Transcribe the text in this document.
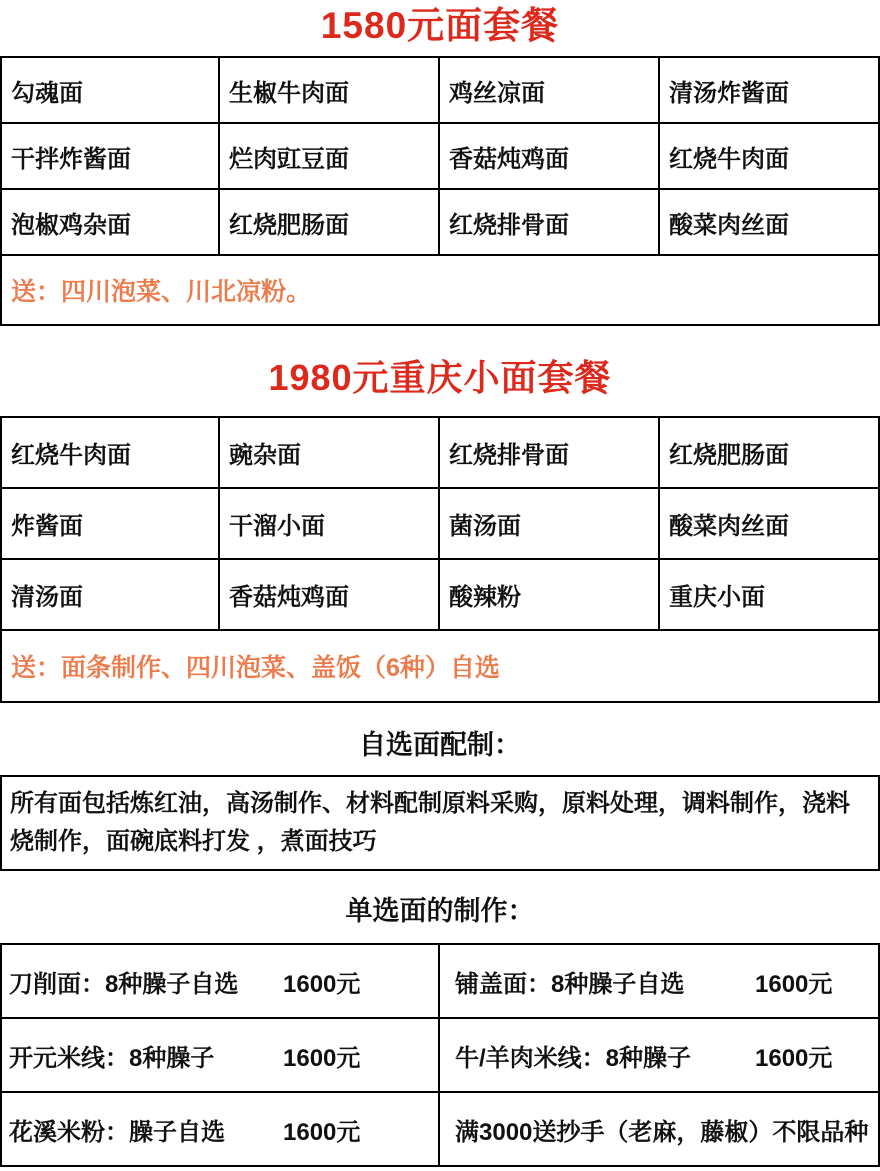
1580元面套餐
勾魂面	生椒牛肉面	鸡丝凉面	清汤炸酱面
干拌炸酱面	烂肉豇豆面	香菇炖鸡面	红烧牛肉面
泡椒鸡杂面	红烧肥肠面	红烧排骨面	酸菜肉丝面
送：四川泡菜、川北凉粉。
1980元重庆小面套餐
红烧牛肉面	豌杂面	红烧排骨面	红烧肥肠面
炸酱面	干溜小面	菌汤面	酸菜肉丝面
清汤面	香菇炖鸡面	酸辣粉	重庆小面
送：面条制作、四川泡菜、盖饭（6种）自选
自选面配制：

所有面包括炼红油，高汤制作、材料配制原料采购，原料处理，调料制作，浇料烧制作，面碗底料打发 ，煮面技巧

单选面的制作：
刀削面：8种臊子自选 1600元	铺盖面：8种臊子自选	1600元
开元米线：8种臊子	1600元	牛/羊肉米线：8种臊子	1600元
花溪米粉：臊子自选 1600元	满3000送抄手（老麻，藤椒）不限品种
